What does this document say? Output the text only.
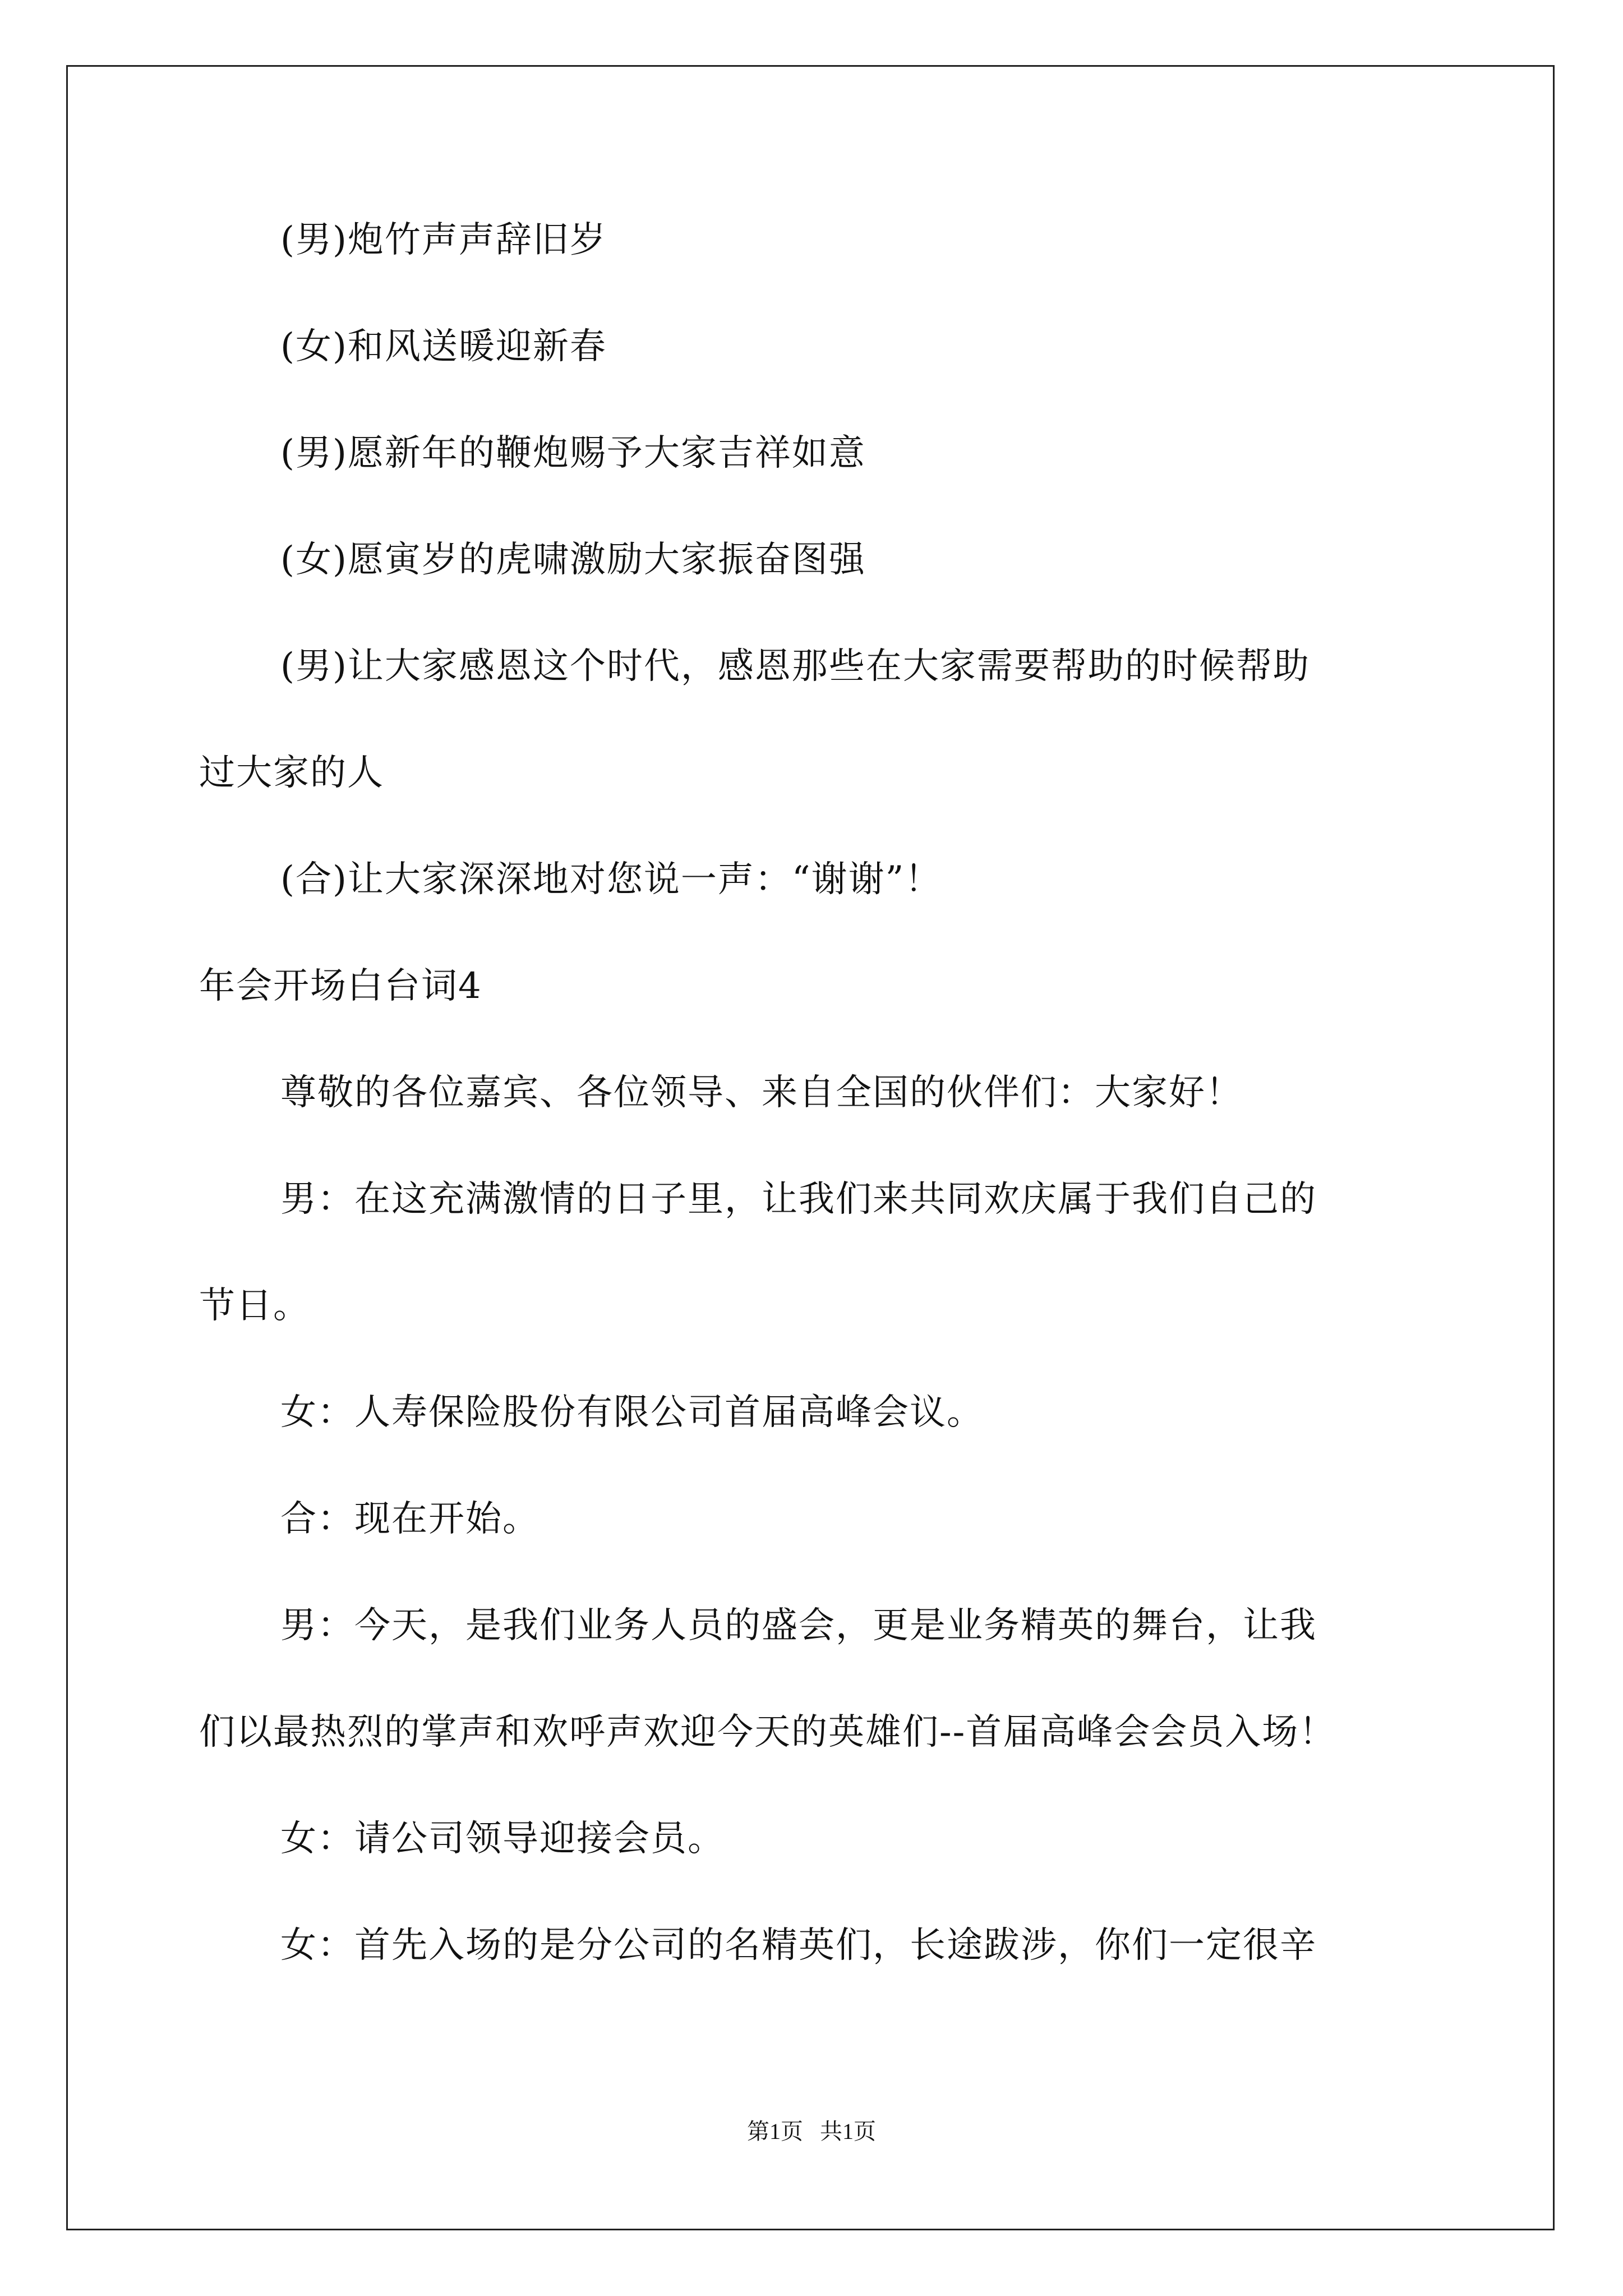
(男)炮竹声声辞旧岁
(女)和风送暖迎新春
(男)愿新年的鞭炮赐予大家吉祥如意
(女)愿寅岁的虎啸激励大家振奋图强
(男)让大家感恩这个时代，感恩那些在大家需要帮助的时候帮助
过大家的人
(合)让大家深深地对您说一声：“谢谢”！
年会开场白台词4
尊敬的各位嘉宾、各位领导、来自全国的伙伴们：大家好！
男：在这充满激情的日子里，让我们来共同欢庆属于我们自己的
节日。
女：人寿保险股份有限公司首届高峰会议。
合：现在开始。
男：今天，是我们业务人员的盛会，更是业务精英的舞台，让我
们以最热烈的掌声和欢呼声欢迎今天的英雄们--首届高峰会会员入场！
女：请公司领导迎接会员。
女：首先入场的是分公司的名精英们，长途跋涉，你们一定很辛
第1页   共1页
